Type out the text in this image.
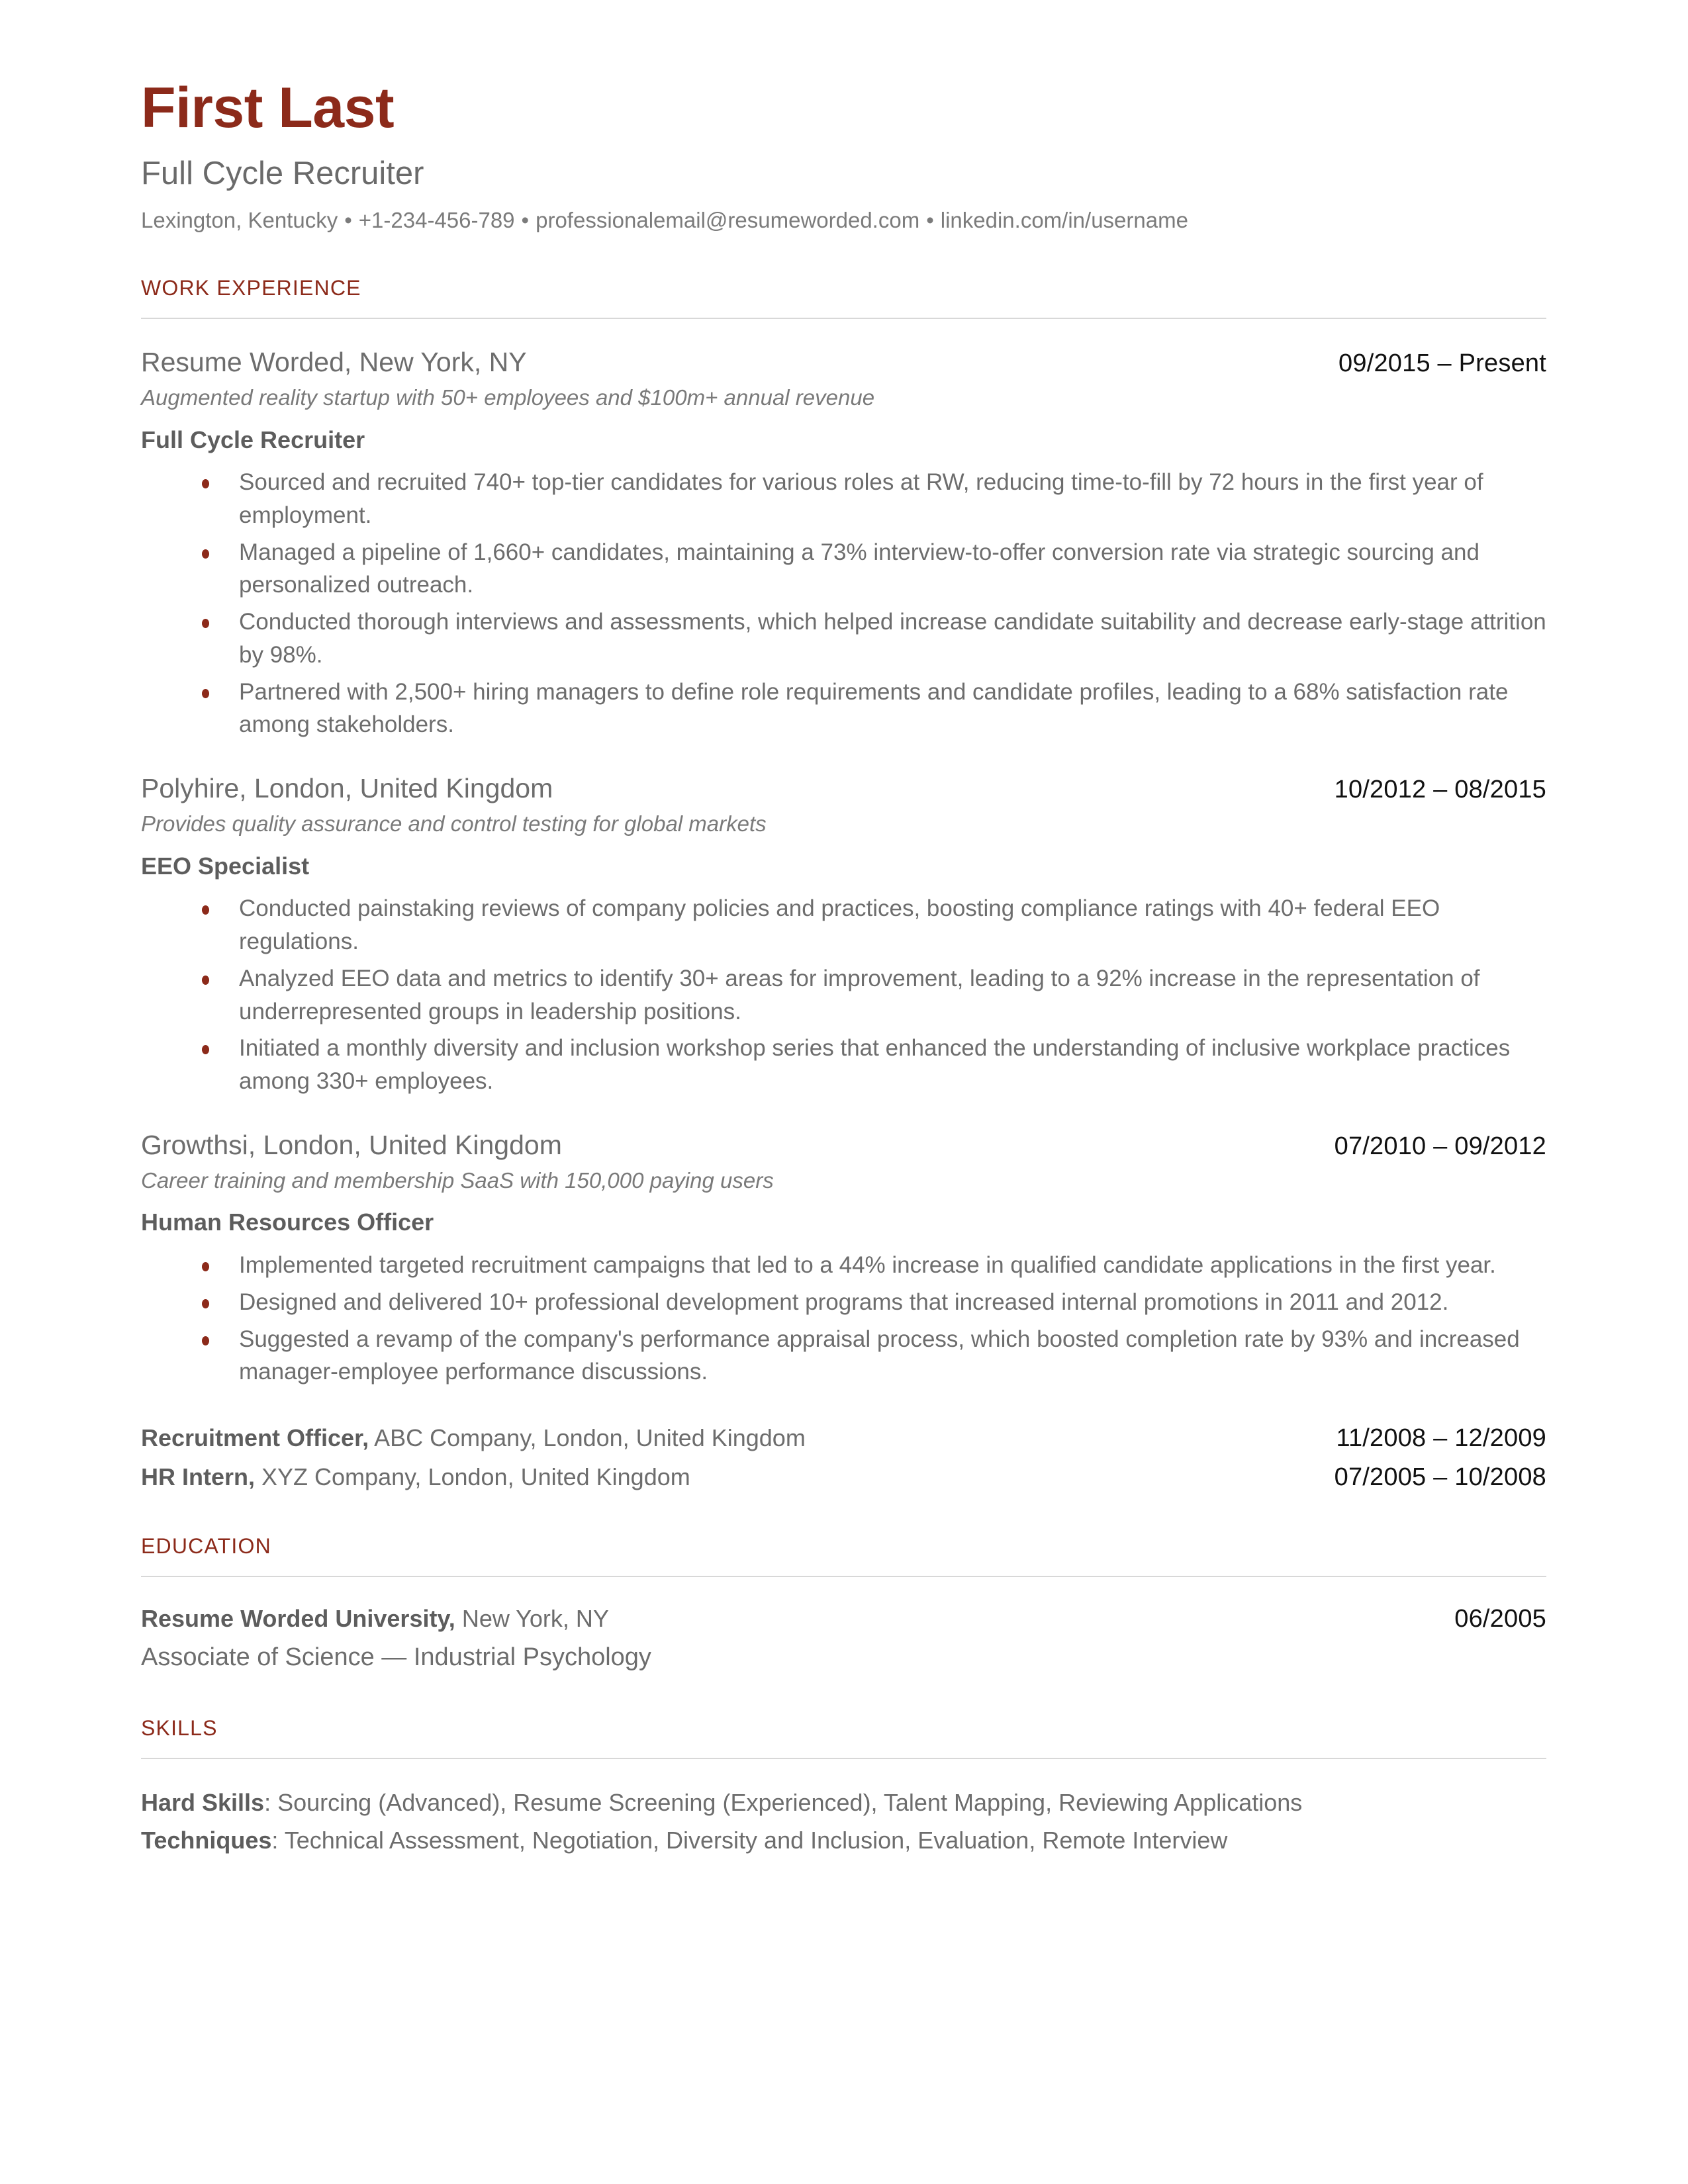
First Last
Full Cycle Recruiter
Lexington, Kentucky • +1-234-456-789 • professionalemail@resumeworded.com • linkedin.com/in/username
WORK EXPERIENCE
Resume Worded, New York, NY	09/2015 – Present
Augmented reality startup with 50+ employees and $100m+ annual revenue
Full Cycle Recruiter
Sourced and recruited 740+ top-tier candidates for various roles at RW, reducing time-to-fill by 72 hours in the first year of employment.
Managed a pipeline of 1,660+ candidates, maintaining a 73% interview-to-offer conversion rate via strategic sourcing and personalized outreach.
Conducted thorough interviews and assessments, which helped increase candidate suitability and decrease early-stage attrition by 98%.
Partnered with 2,500+ hiring managers to define role requirements and candidate profiles, leading to a 68% satisfaction rate among stakeholders.
Polyhire, London, United Kingdom	10/2012 – 08/2015
Provides quality assurance and control testing for global markets
EEO Specialist
Conducted painstaking reviews of company policies and practices, boosting compliance ratings with 40+ federal EEO regulations.
Analyzed EEO data and metrics to identify 30+ areas for improvement, leading to a 92% increase in the representation of underrepresented groups in leadership positions.
Initiated a monthly diversity and inclusion workshop series that enhanced the understanding of inclusive workplace practices among 330+ employees.
Growthsi, London, United Kingdom	07/2010 – 09/2012
Career training and membership SaaS with 150,000 paying users
Human Resources Officer
Implemented targeted recruitment campaigns that led to a 44% increase in qualified candidate applications in the first year.
Designed and delivered 10+ professional development programs that increased internal promotions in 2011 and 2012.
Suggested a revamp of the company's performance appraisal process, which boosted completion rate by 93% and increased manager-employee performance discussions.
Recruitment Officer, ABC Company, London, United Kingdom	11/2008 – 12/2009
HR Intern, XYZ Company, London, United Kingdom	07/2005 – 10/2008
EDUCATION
Resume Worded University, New York, NY	06/2005
Associate of Science — Industrial Psychology
SKILLS
Hard Skills: Sourcing (Advanced), Resume Screening (Experienced), Talent Mapping, Reviewing Applications
Techniques: Technical Assessment, Negotiation, Diversity and Inclusion, Evaluation, Remote Interview
